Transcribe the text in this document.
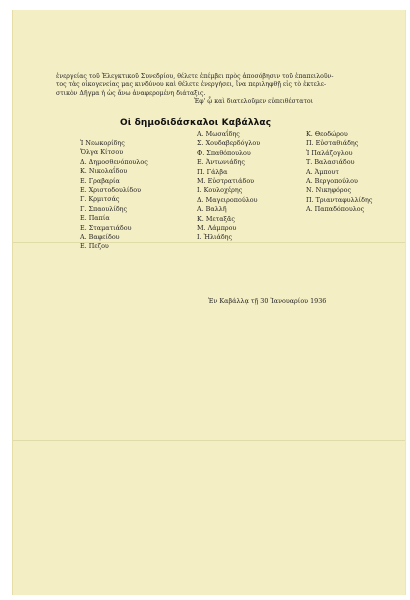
ἐνεργείας τοῦ Ἐλεγκτικοῦ Συνεδρίου, θέλετε ἐπέμβει πρὸς ἀποσόβησιν τοῦ ἐπαπειλοῦν-
τος τὰς οἰκογενείας μας κινδύνου καὶ θέλετε ἐνεργήσει, ἵνα περιληφθῇ εἰς τὸ ἐκτελε-
στικὸν Δῆγμα ἡ ὡς ἄνω ἀναφερομένη διάταξις.
Ἐφ' ᾧ καὶ διατελοῦμεν εὐπειθέστατοι
Οἱ δημοδιδάσκαλοι Καβάλλας
Ἰ Νεωκορίδης
Ὄλγα Κίτσου
Δ. Δημοσθενόπουλος
Κ. Νικολαΐδου
Ε. Γραβαρία
Ε. Χριστοδουλίδου
Γ. Κρμιτσάς
Γ. Σπαουλίδης
Ε. Παπία
Ε. Σταματιάδου
Α. Βαφείδου
Ε. Πεζου
Α. Μωσαΐδης
Σ. Χουδαβερδόγλου
Φ. Σπαθόπουλου
Ε. Ἀντωνιάδης
Π. Γάλβα
Μ. Εὐστρατιάδου
Ι. Κουλοχέρης
Δ. Μαγειροπούλου
Α. Βαλλῆ
Κ. Μεταξᾶς
Μ. Λάμπρου
Ι. Ἠλιάδης
Κ. Θεοδώρου
Π. Εὐσταθιάδης
Ἰ Παλάζογλου
Τ. Βαλασιάδου
Α. Ἀμπουτ
Α. Βεργοπούλου
Ν. Νικηφόρος
Π. Τριανταφυλλίδης
Α. Παπαδόπουλος
Ἐν Καβάλλᾳ τῇ 30 Ἰανουαρίου 1936
